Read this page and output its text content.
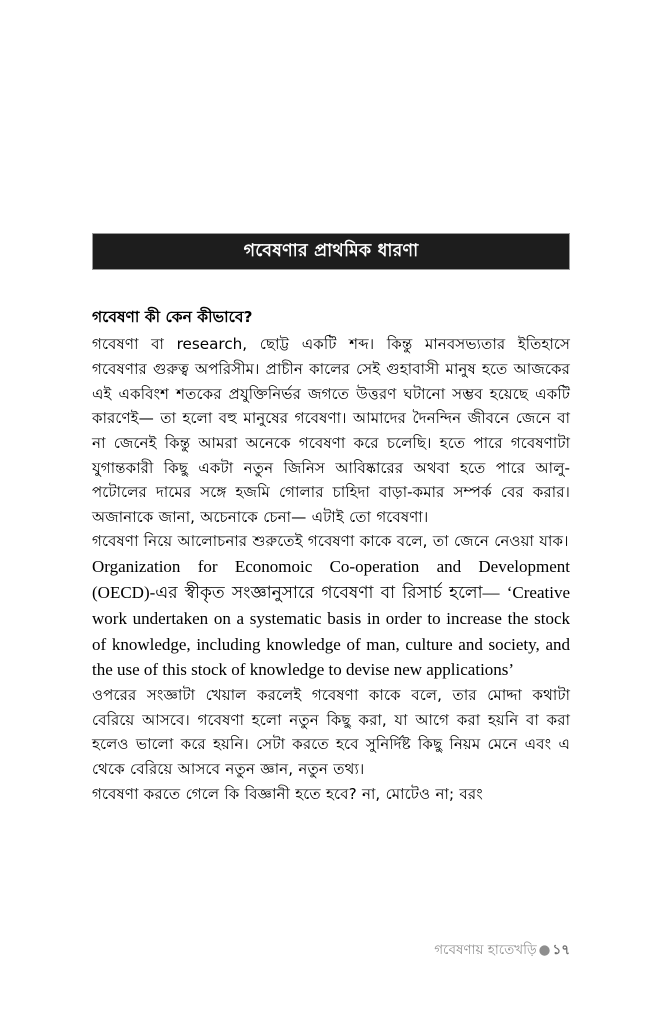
গবেষণার প্রাথমিক ধারণা
গবেষণা কী কেন কীভাবে?

গবেষণা বা research, ছোট্ট একটি শব্দ। কিন্তু মানবসভ্যতার ইতিহাসে গবেষণার গুরুত্ব অপরিসীম। প্রাচীন কালের সেই গুহাবাসী মানুষ হতে আজকের এই একবিংশ শতকের প্রযুক্তিনির্ভর জগতে উত্তরণ ঘটানো সম্ভব হয়েছে একটি কারণেই— তা হলো বহু মানুষের গবেষণা। আমাদের দৈনন্দিন জীবনে জেনে বা না জেনেই কিন্তু আমরা অনেকে গবেষণা করে চলেছি। হতে পারে গবেষণাটা যুগান্তকারী কিছু একটা নতুন জিনিস আবিষ্কারের অথবা হতে পারে আলু-পটোলের দামের সঙ্গে হজমি গোলার চাহিদা বাড়া-কমার সম্পর্ক বের করার। অজানাকে জানা, অচেনাকে চেনা— এটাই তো গবেষণা।

গবেষণা নিয়ে আলোচনার শুরুতেই গবেষণা কাকে বলে, তা জেনে নেওয়া যাক।

Organization for Economoic Co-operation and Development (OECD)-এর স্বীকৃত সংজ্ঞানুসারে গবেষণা বা রিসার্চ হলো— ‘Creative work undertaken on a systematic basis in order to increase the stock of knowledge, including knowledge of man, culture and society, and the use of this stock of knowledge to devise new applications’

ওপরের সংজ্ঞাটা খেয়াল করলেই গবেষণা কাকে বলে, তার মোদ্দা কথাটা বেরিয়ে আসবে। গবেষণা হলো নতুন কিছু করা, যা আগে করা হয়নি বা করা হলেও ভালো করে হয়নি। সেটা করতে হবে সুনির্দিষ্ট কিছু নিয়ম মেনে এবং এ থেকে বেরিয়ে আসবে নতুন জ্ঞান, নতুন তথ্য।

গবেষণা করতে গেলে কি বিজ্ঞানী হতে হবে? না, মোটেও না; বরং

গবেষণায় হাতেখড়ি ● ১৭
